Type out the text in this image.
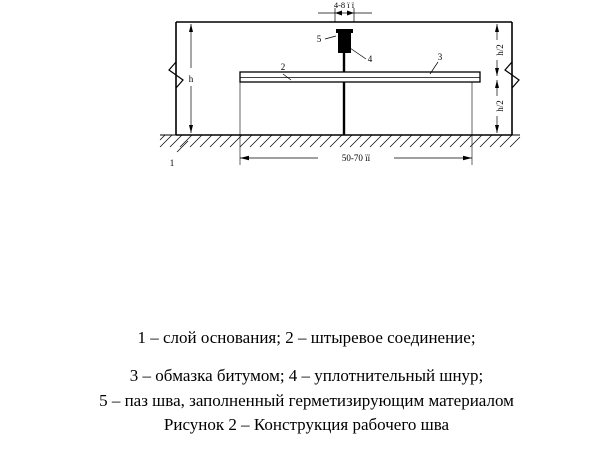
4-8 ï ï
50-70 ïï
h
h/2
h/2
1
2
3
4
5
1 – слой основания; 2 – штыревое соединение;
3 – обмазка битумом; 4 – уплотнительный шнур;
5 – паз шва, заполненный герметизирующим материалом
Рисунок 2 – Конструкция рабочего шва
